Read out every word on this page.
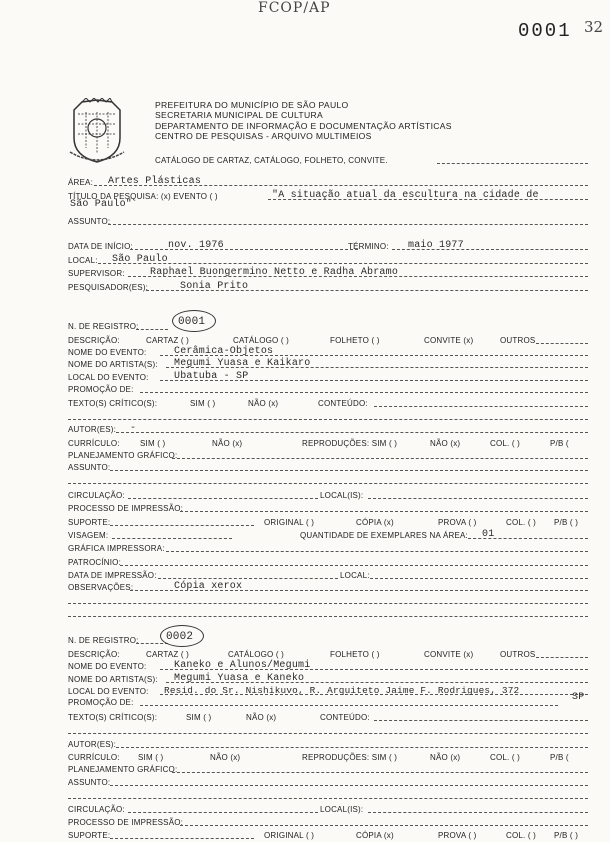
FCOP/AP
0001 32
PREFEITURA DO MUNICÍPIO DE SÃO PAULO
SECRETARIA MUNICIPAL DE CULTURA
DEPARTAMENTO DE INFORMAÇÃO E DOCUMENTAÇÃO ARTÍSTICAS
CENTRO DE PESQUISAS - ARQUIVO MULTIMEIOS
CATÁLOGO DE CARTAZ, CATÁLOGO, FOLHETO, CONVITE.
ÁREA: Artes Plásticas
TÍTULO DA PESQUISA: (x) EVENTO ( )	"A situação atual da escultura na cidade de
São Paulo"
ASSUNTO:
DATA DE INÍCIO:	nov. 1976	TÉRMINO: maio 1977
LOCAL: São Paulo
SUPERVISOR:	Raphael Buongermino Netto e Radha Abramo
PESQUISADOR(ES):	Sonia Prito
N. DE REGISTRO:	0001
DESCRIÇÃO:	CARTAZ ( )	CATÁLOGO ( )	FOLHETO ( )	CONVITE (x)	OUTROS
NOME DO EVENTO:	Cerâmica-Objetos
NOME DO ARTISTA(S): Megumi Yuasa e Kaikaro
LOCAL DO EVENTO:	Ubatuba - SP
PROMOÇÃO DE:
TEXTO(S) CRÍTICO(S):	SIM ( )	NÃO (x)	CONTEÚDO:
AUTOR(ES): -
CURRÍCULO:	SIM ( )	NÃO (x)	REPRODUÇÕES: SIM ( )	NÃO (x)	COL. ( )	P/B (
PLANEJAMENTO GRÁFICO:
ASSUNTO:
CIRCULAÇÃO:	LOCAL(IS):
PROCESSO DE IMPRESSÃO:
SUPORTE:	ORIGINAL ( )	CÓPIA (x)	PROVA ( )	COL. ( ) P/B ( )
VISAGEM:	QUANTIDADE DE EXEMPLARES NA ÁREA: 01
GRÁFICA IMPRESSORA:
PATROCÍNIO:
DATA DE IMPRESSÃO:	LOCAL:
OBSERVAÇÕES:	Cópia xerox
N. DE REGISTRO: 0002
DESCRIÇÃO:	CARTAZ ( )	CATÁLOGO ( )	FOLHETO ( )	CONVITE (x)	OUTROS
NOME DO EVENTO:	Kaneko e Alunos/Megumi
NOME DO ARTISTA(S): Megumi Yuasa e Kaneko
LOCAL DO EVENTO: Resid. do Sr. Nishikuvo, R. Arquiteto Jaime F. Rodrigues, 372
PROMOÇÃO DE:	SP
TEXTO(S) CRÍTICO(S):	SIM ( )	NÃO (x)	CONTEÚDO:
AUTOR(ES):
CURRÍCULO: SIM ( )	NÃO (x)	REPRODUÇÕES: SIM ( )	NÃO (x)	COL. ( )	P/B (
PLANEJAMENTO GRÁFICO:
ASSUNTO:
CIRCULAÇÃO:	LOCAL(IS):
PROCESSO DE IMPRESSÃO:
SUPORTE:	ORIGINAL ( )	CÓPIA (x)	PROVA ( )	COL. ( ) P/B ( )
